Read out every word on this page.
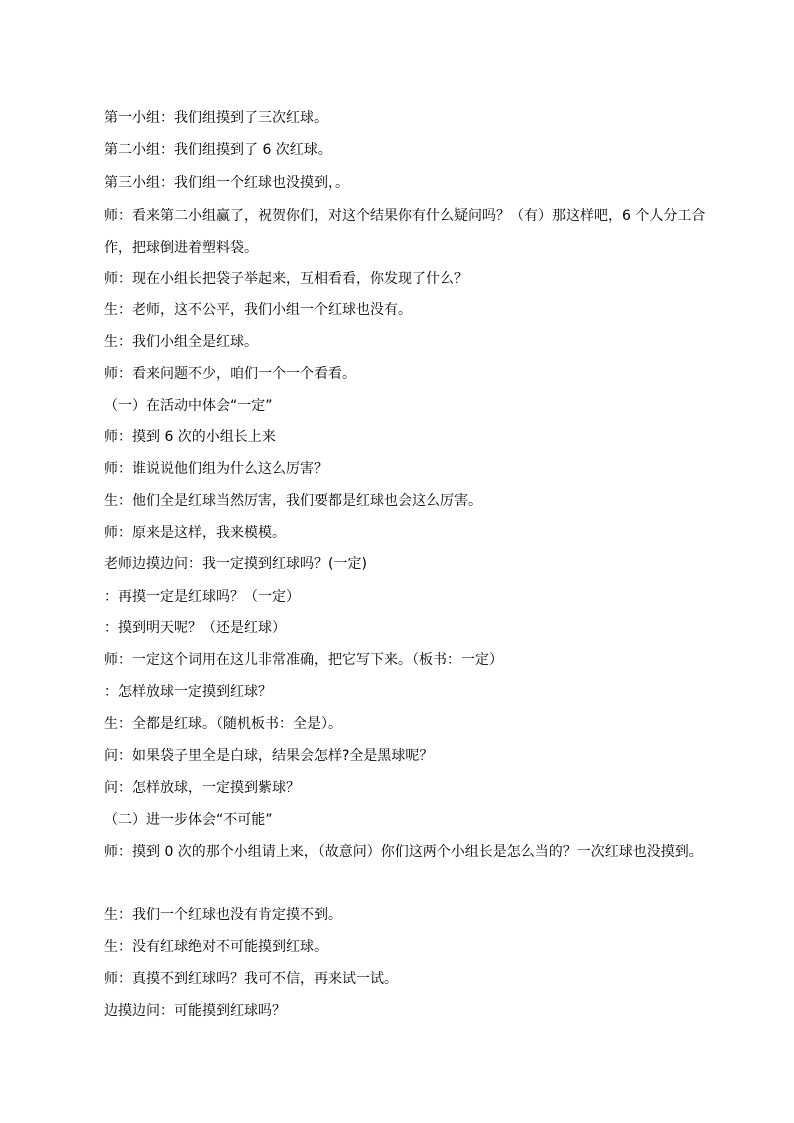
第一小组：我们组摸到了三次红球。

第二小组：我们组摸到了 6 次红球。

第三小组：我们组一个红球也没摸到，。

师：看来第二小组赢了，祝贺你们，对这个结果你有什么疑问吗？（有）那这样吧，6 个人分工合作，把球倒进着塑料袋。

师：现在小组长把袋子举起来，互相看看，你发现了什么？

生：老师，这不公平，我们小组一个红球也没有。

生：我们小组全是红球。

师：看来问题不少，咱们一个一个看看。

（一）在活动中体会“一定”

师：摸到 6 次的小组长上来

师：谁说说他们组为什么这么厉害？

生：他们全是红球当然厉害，我们要都是红球也会这么厉害。

师：原来是这样，我来模模。

老师边摸边问：我一定摸到红球吗？(一定)

：再摸一定是红球吗？（一定）

：摸到明天呢？（还是红球）

师：一定这个词用在这儿非常准确，把它写下来。（板书：一定）

：怎样放球一定摸到红球？

生：全都是红球。（随机板书：全是）。

问：如果袋子里全是白球，结果会怎样?全是黑球呢？

问：怎样放球，一定摸到紫球？

（二）进一步体会“不可能”

师：摸到 0 次的那个小组请上来，（故意问）你们这两个小组长是怎么当的？一次红球也没摸到。

生：我们一个红球也没有肯定摸不到。

生：没有红球绝对不可能摸到红球。

师：真摸不到红球吗？我可不信，再来试一试。

边摸边问：可能摸到红球吗？
